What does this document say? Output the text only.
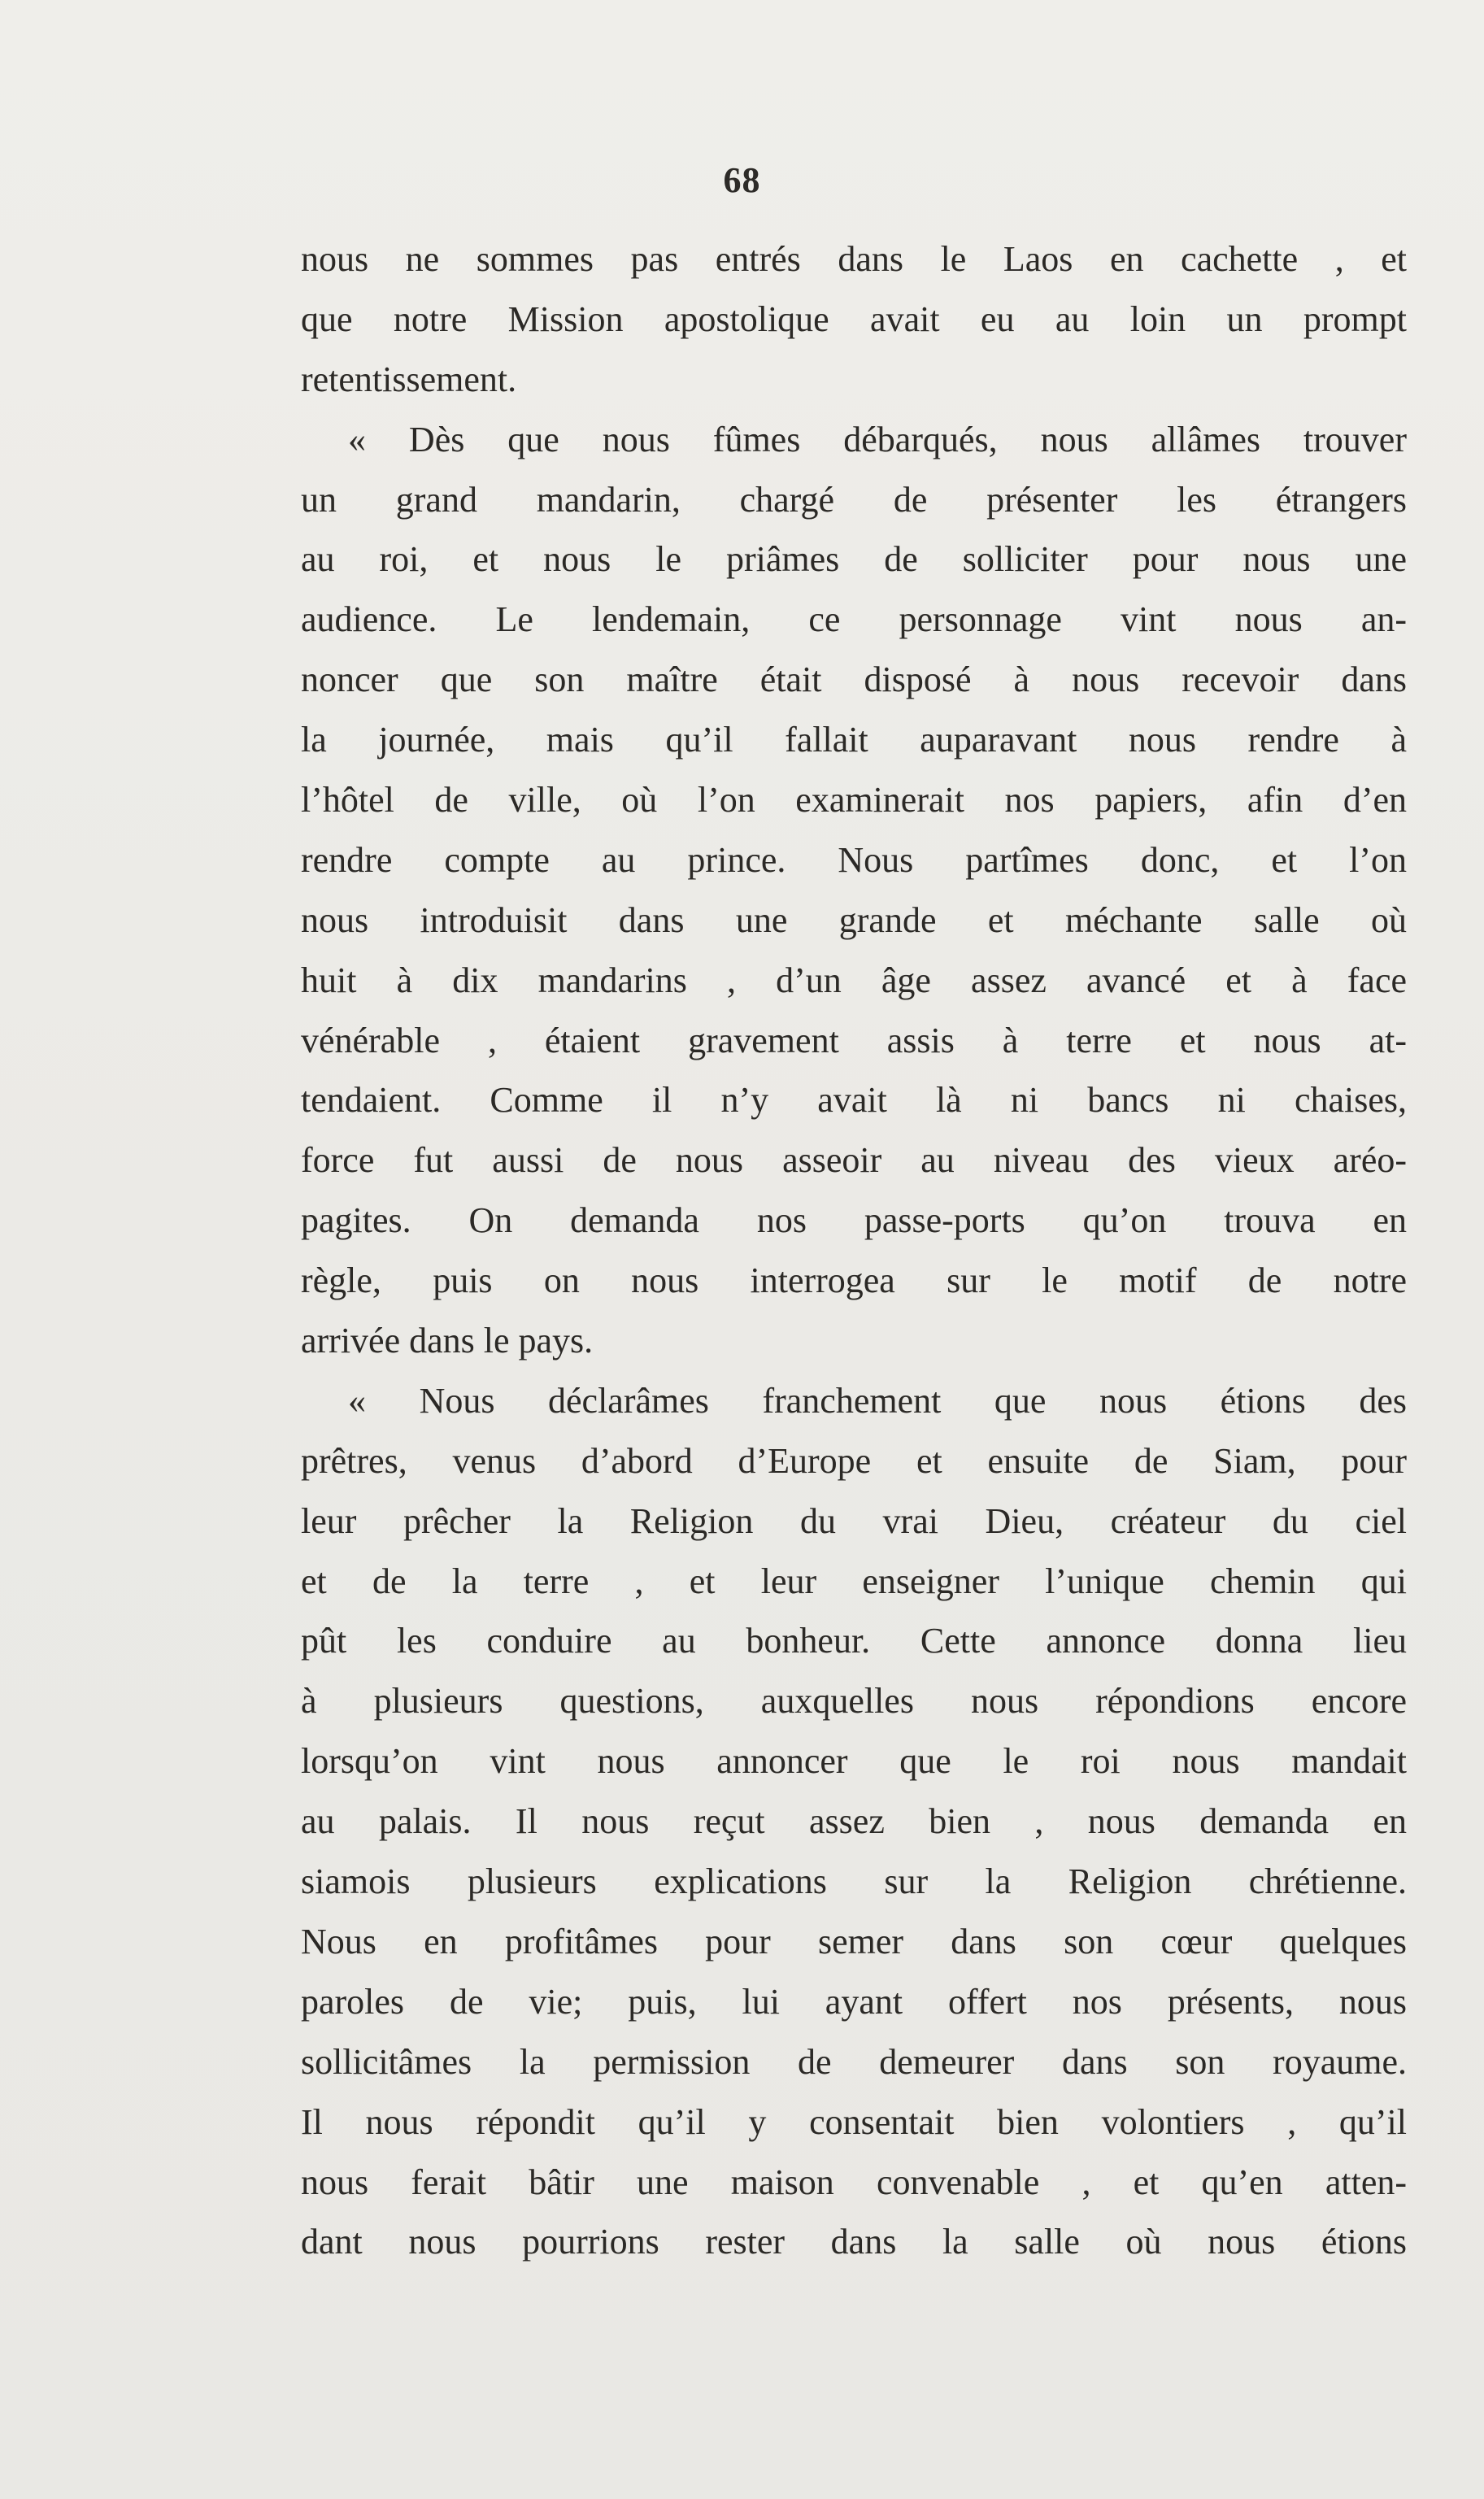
68
nous ne sommes pas entrés dans le Laos en cachette , et
que notre Mission apostolique avait eu au loin un prompt
retentissement.
« Dès que nous fûmes débarqués, nous allâmes trouver
un grand mandarin, chargé de présenter les étrangers
au roi, et nous le priâmes de solliciter pour nous une
audience. Le lendemain, ce personnage vint nous an-
noncer que son maître était disposé à nous recevoir dans
la journée, mais qu’il fallait auparavant nous rendre à
l’hôtel de ville, où l’on examinerait nos papiers, afin d’en
rendre compte au prince. Nous partîmes donc, et l’on
nous introduisit dans une grande et méchante salle où
huit à dix mandarins , d’un âge assez avancé et à face
vénérable , étaient gravement assis à terre et nous at-
tendaient. Comme il n’y avait là ni bancs ni chaises,
force fut aussi de nous asseoir au niveau des vieux aréo-
pagites. On demanda nos passe-ports qu’on trouva en
règle, puis on nous interrogea sur le motif de notre
arrivée dans le pays.
« Nous déclarâmes franchement que nous étions des
prêtres, venus d’abord d’Europe et ensuite de Siam, pour
leur prêcher la Religion du vrai Dieu, créateur du ciel
et de la terre , et leur enseigner l’unique chemin qui
pût les conduire au bonheur. Cette annonce donna lieu
à plusieurs questions, auxquelles nous répondions encore
lorsqu’on vint nous annoncer que le roi nous mandait
au palais. Il nous reçut assez bien , nous demanda en
siamois plusieurs explications sur la Religion chrétienne.
Nous en profitâmes pour semer dans son cœur quelques
paroles de vie; puis, lui ayant offert nos présents, nous
sollicitâmes la permission de demeurer dans son royaume.
Il nous répondit qu’il y consentait bien volontiers , qu’il
nous ferait bâtir une maison convenable , et qu’en atten-
dant nous pourrions rester dans la salle où nous étions
